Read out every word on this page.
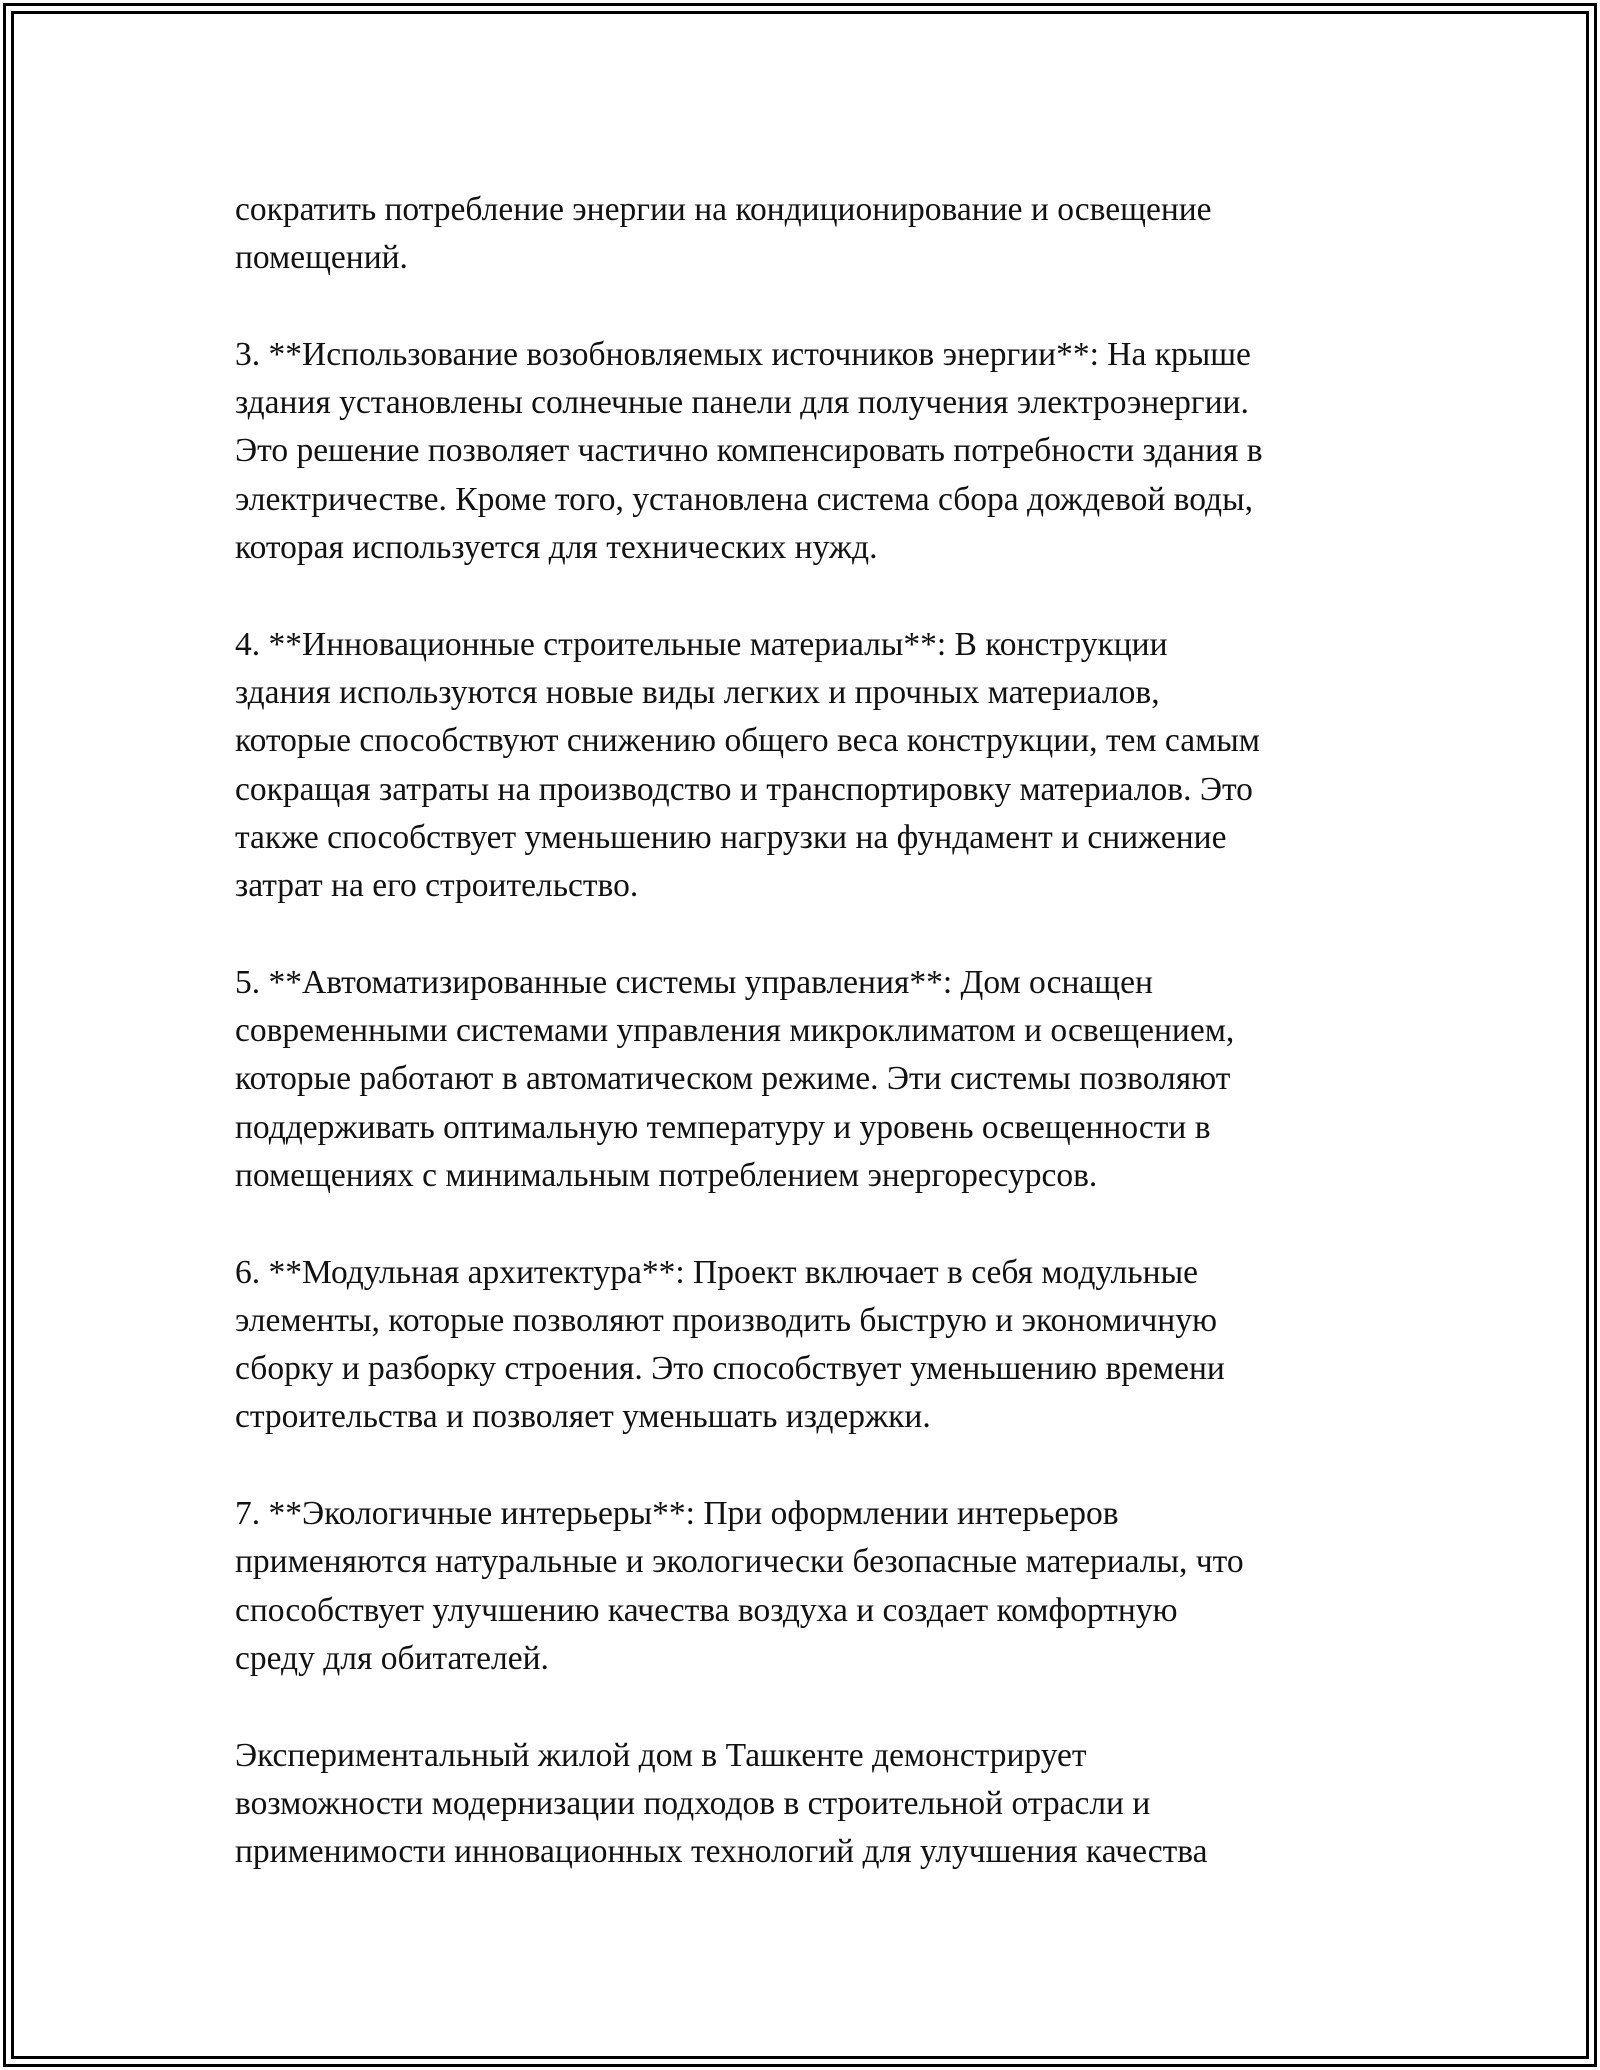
сократить потребление энергии на кондиционирование и освещение
помещений.

3. **Использование возобновляемых источников энергии**: На крыше
здания установлены солнечные панели для получения электроэнергии.
Это решение позволяет частично компенсировать потребности здания в
электричестве. Кроме того, установлена система сбора дождевой воды,
которая используется для технических нужд.

4. **Инновационные строительные материалы**: В конструкции
здания используются новые виды легких и прочных материалов,
которые способствуют снижению общего веса конструкции, тем самым
сокращая затраты на производство и транспортировку материалов. Это
также способствует уменьшению нагрузки на фундамент и снижение
затрат на его строительство.

5. **Автоматизированные системы управления**: Дом оснащен
современными системами управления микроклиматом и освещением,
которые работают в автоматическом режиме. Эти системы позволяют
поддерживать оптимальную температуру и уровень освещенности в
помещениях с минимальным потреблением энергоресурсов.

6. **Модульная архитектура**: Проект включает в себя модульные
элементы, которые позволяют производить быструю и экономичную
сборку и разборку строения. Это способствует уменьшению времени
строительства и позволяет уменьшать издержки.

7. **Экологичные интерьеры**: При оформлении интерьеров
применяются натуральные и экологически безопасные материалы, что
способствует улучшению качества воздуха и создает комфортную
среду для обитателей.

Экспериментальный жилой дом в Ташкенте демонстрирует
возможности модернизации подходов в строительной отрасли и
применимости инновационных технологий для улучшения качества
